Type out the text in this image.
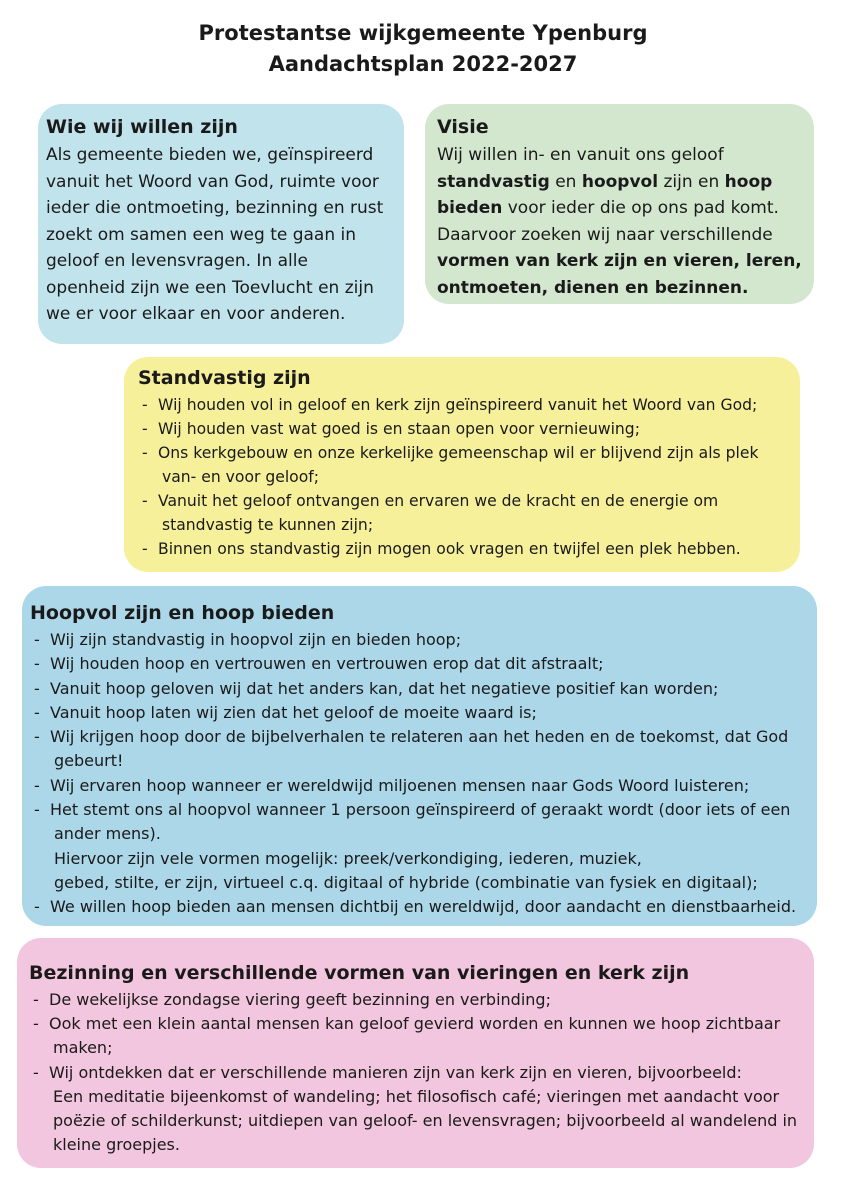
Protestantse wijkgemeente Ypenburg
Aandachtsplan 2022-2027
Wie wij willen zijn
Als gemeente bieden we, geïnspireerd
vanuit het Woord van God, ruimte voor
ieder die ontmoeting, bezinning en rust
zoekt om samen een weg te gaan in
geloof en levensvragen. In alle
openheid zijn we een Toevlucht en zijn
we er voor elkaar en voor anderen.
Visie
Wij willen in- en vanuit ons geloof
standvastig en hoopvol zijn en hoop
bieden voor ieder die op ons pad komt.
Daarvoor zoeken wij naar verschillende
vormen van kerk zijn en vieren, leren,
ontmoeten, dienen en bezinnen.
Standvastig zijn
- Wij houden vol in geloof en kerk zijn geïnspireerd vanuit het Woord van God;
- Wij houden vast wat goed is en staan open voor vernieuwing;
- Ons kerkgebouw en onze kerkelijke gemeenschap wil er blijvend zijn als plek
van- en voor geloof;
- Vanuit het geloof ontvangen en ervaren we de kracht en de energie om
standvastig te kunnen zijn;
- Binnen ons standvastig zijn mogen ook vragen en twijfel een plek hebben.
Hoopvol zijn en hoop bieden
- Wij zijn standvastig in hoopvol zijn en bieden hoop;
- Wij houden hoop en vertrouwen en vertrouwen erop dat dit afstraalt;
- Vanuit hoop geloven wij dat het anders kan, dat het negatieve positief kan worden;
- Vanuit hoop laten wij zien dat het geloof de moeite waard is;
- Wij krijgen hoop door de bijbelverhalen te relateren aan het heden en de toekomst, dat God
gebeurt!
- Wij ervaren hoop wanneer er wereldwijd miljoenen mensen naar Gods Woord luisteren;
- Het stemt ons al hoopvol wanneer 1 persoon geïnspireerd of geraakt wordt (door iets of een
ander mens).
Hiervoor zijn vele vormen mogelijk: preek/verkondiging, iederen, muziek,
gebed, stilte, er zijn, virtueel c.q. digitaal of hybride (combinatie van fysiek en digitaal);
- We willen hoop bieden aan mensen dichtbij en wereldwijd, door aandacht en dienstbaarheid.
Bezinning en verschillende vormen van vieringen en kerk zijn
- De wekelijkse zondagse viering geeft bezinning en verbinding;
- Ook met een klein aantal mensen kan geloof gevierd worden en kunnen we hoop zichtbaar
maken;
- Wij ontdekken dat er verschillende manieren zijn van kerk zijn en vieren, bijvoorbeeld:
Een meditatie bijeenkomst of wandeling; het filosofisch café; vieringen met aandacht voor
poëzie of schilderkunst; uitdiepen van geloof- en levensvragen; bijvoorbeeld al wandelend in
kleine groepjes.
